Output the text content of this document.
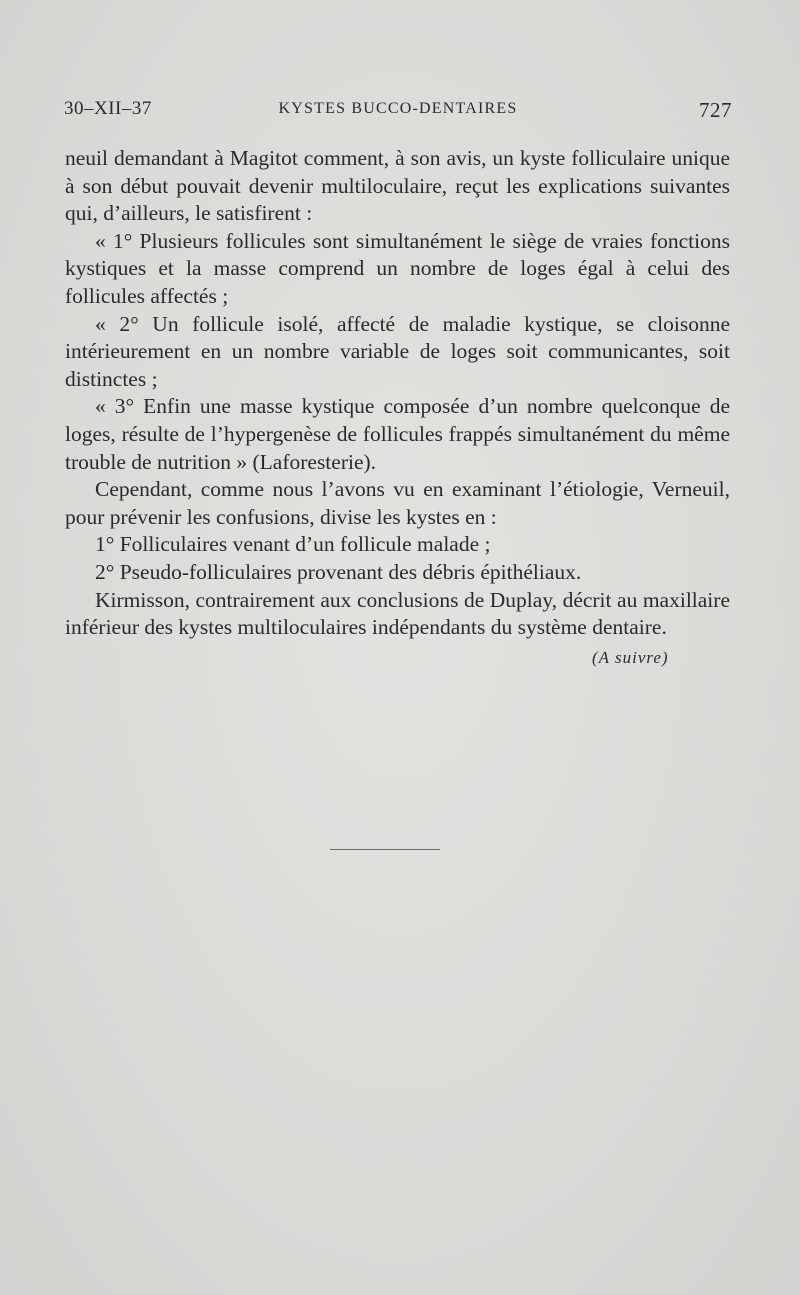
30–XII–37	KYSTES BUCCO-DENTAIRES	727

neuil demandant à Magitot comment, à son avis, un kyste folliculaire unique à son début pouvait devenir multiloculaire, reçut les explications suivantes qui, d’ailleurs, le satisfirent :

« 1° Plusieurs follicules sont simultanément le siège de vraies fonctions kystiques et la masse comprend un nombre de loges égal à celui des follicules affectés ;

« 2° Un follicule isolé, affecté de maladie kystique, se cloisonne intérieurement en un nombre variable de loges soit communicantes, soit distinctes ;

« 3° Enfin une masse kystique composée d’un nombre quelconque de loges, résulte de l’hypergenèse de follicules frappés simultanément du même trouble de nutrition » (Laforesterie).

Cependant, comme nous l’avons vu en examinant l’étiologie, Verneuil, pour prévenir les confusions, divise les kystes en :

1° Folliculaires venant d’un follicule malade ;

2° Pseudo-folliculaires provenant des débris épithéliaux.

Kirmisson, contrairement aux conclusions de Duplay, décrit au maxillaire inférieur des kystes multiloculaires indépendants du système dentaire.

(A suivre)
